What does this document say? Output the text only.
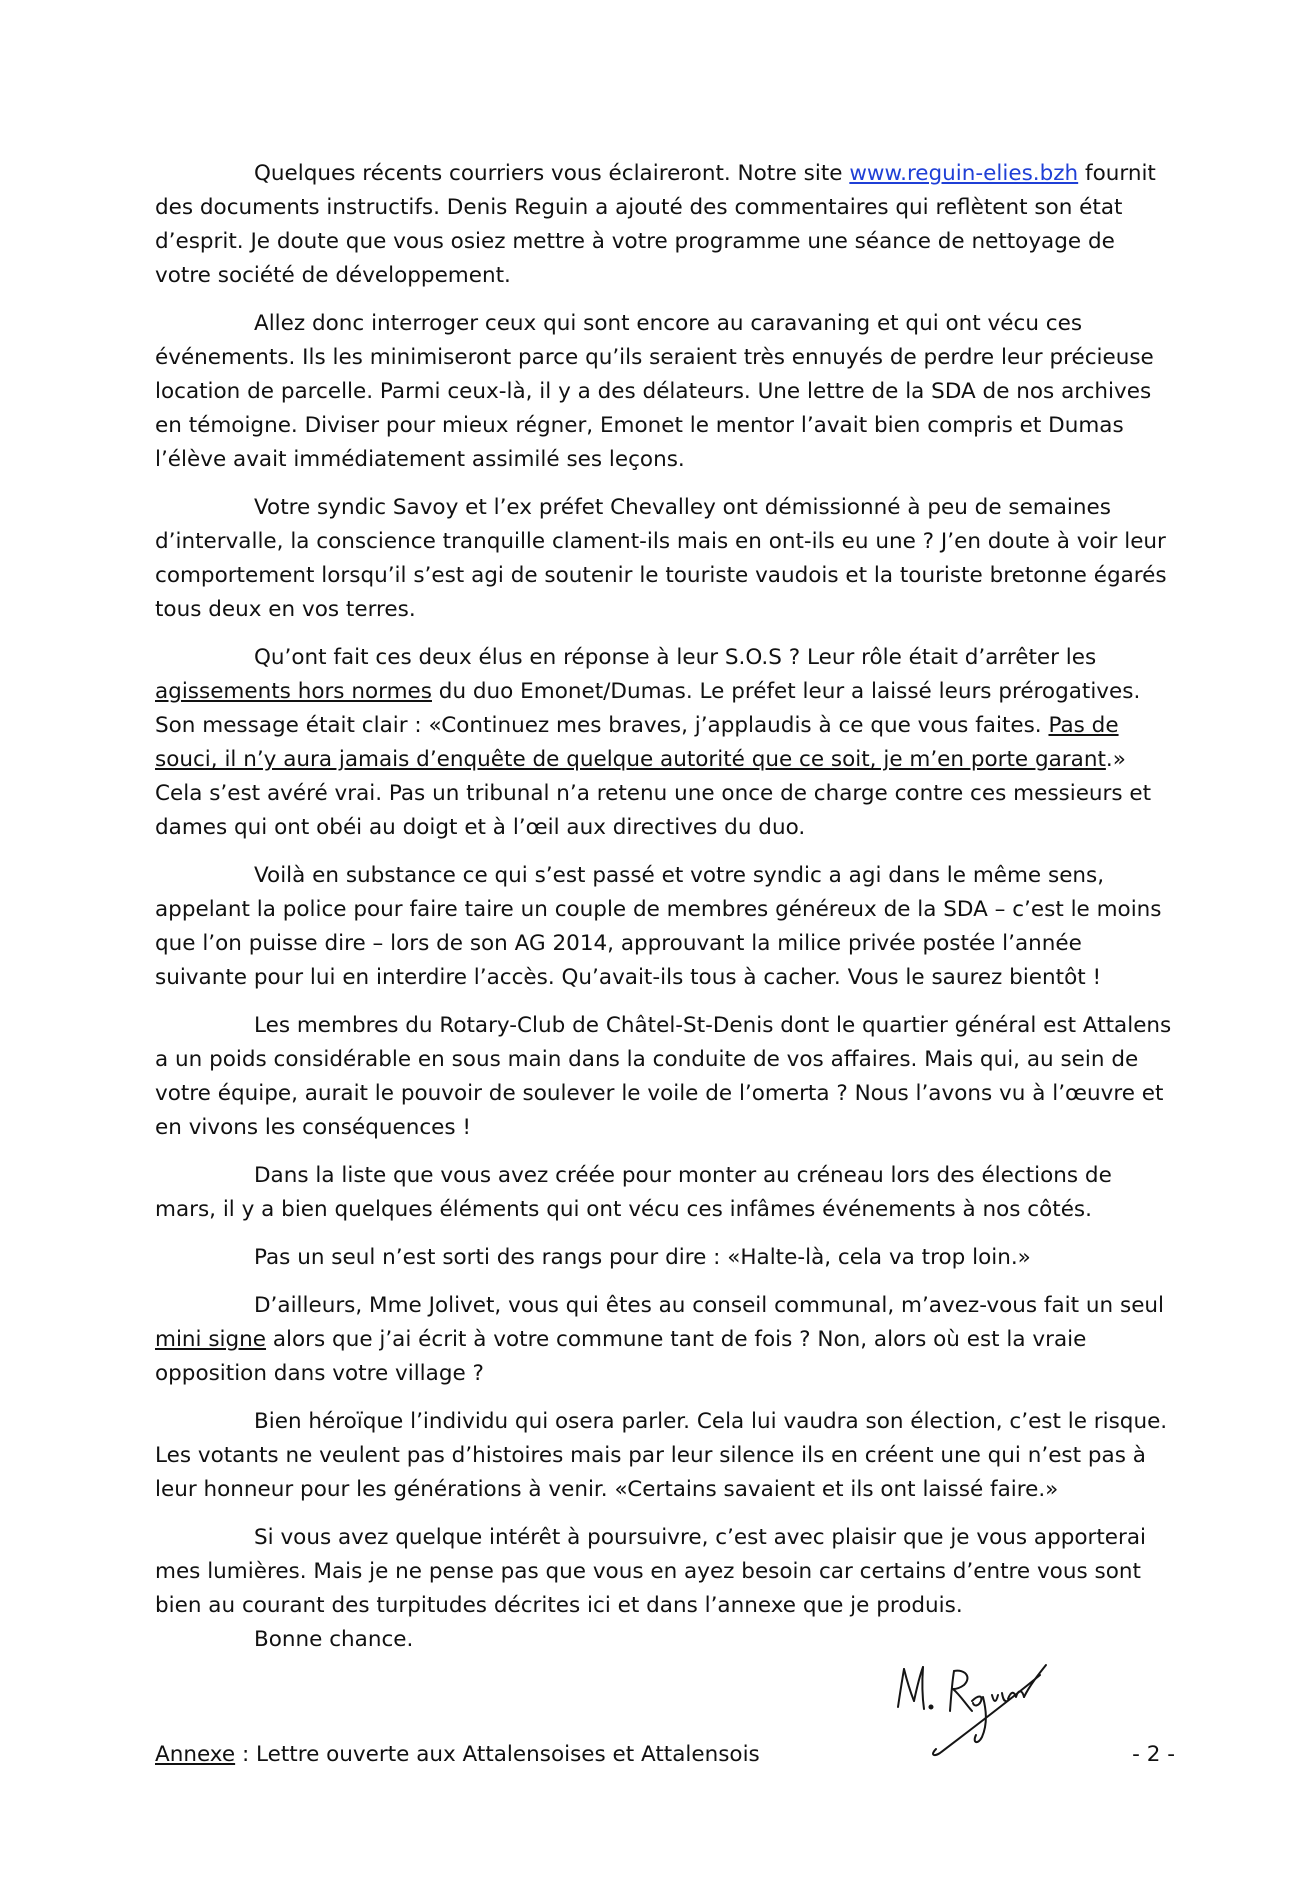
Quelques récents courriers vous éclaireront. Notre site www.reguin-elies.bzh fournit des documents instructifs. Denis Reguin a ajouté des commentaires qui reflètent son état d’esprit. Je doute que vous osiez mettre à votre programme une séance de nettoyage de votre société de développement.

Allez donc interroger ceux qui sont encore au caravaning et qui ont vécu ces événements. Ils les minimiseront parce qu’ils seraient très ennuyés de perdre leur précieuse location de parcelle. Parmi ceux-là, il y a des délateurs. Une lettre de la SDA de nos archives en témoigne. Diviser pour mieux régner, Emonet le mentor l’avait bien compris et Dumas l’élève avait immédiatement assimilé ses leçons.

Votre syndic Savoy et l’ex préfet Chevalley ont démissionné à peu de semaines d’intervalle, la conscience tranquille clament-ils mais en ont-ils eu une ? J’en doute à voir leur comportement lorsqu’il s’est agi de soutenir le touriste vaudois et la touriste bretonne égarés tous deux en vos terres.

Qu’ont fait ces deux élus en réponse à leur S.O.S ? Leur rôle était d’arrêter les agissements hors normes du duo Emonet/Dumas. Le préfet leur a laissé leurs prérogatives. Son message était clair : «Continuez mes braves, j’applaudis à ce que vous faites. Pas de souci, il n’y aura jamais d’enquête de quelque autorité que ce soit, je m’en porte garant.» Cela s’est avéré vrai. Pas un tribunal n’a retenu une once de charge contre ces messieurs et dames qui ont obéi au doigt et à l’œil aux directives du duo.

Voilà en substance ce qui s’est passé et votre syndic a agi dans le même sens, appelant la police pour faire taire un couple de membres généreux de la SDA – c’est le moins que l’on puisse dire – lors de son AG 2014, approuvant la milice privée postée l’année suivante pour lui en interdire l’accès. Qu’avait-ils tous à cacher. Vous le saurez bientôt !

Les membres du Rotary-Club de Châtel-St-Denis dont le quartier général est Attalens a un poids considérable en sous main dans la conduite de vos affaires. Mais qui, au sein de votre équipe, aurait le pouvoir de soulever le voile de l’omerta ? Nous l’avons vu à l’œuvre et en vivons les conséquences !

Dans la liste que vous avez créée pour monter au créneau lors des élections de mars, il y a bien quelques éléments qui ont vécu ces infâmes événements à nos côtés.

Pas un seul n’est sorti des rangs pour dire : «Halte-là, cela va trop loin.»

D’ailleurs, Mme Jolivet, vous qui êtes au conseil communal, m’avez-vous fait un seul mini signe alors que j’ai écrit à votre commune tant de fois ? Non, alors où est la vraie opposition dans votre village ?

Bien héroïque l’individu qui osera parler. Cela lui vaudra son élection, c’est le risque. Les votants ne veulent pas d’histoires mais par leur silence ils en créent une qui n’est pas à leur honneur pour les générations à venir. «Certains savaient et ils ont laissé faire.»

Si vous avez quelque intérêt à poursuivre, c’est avec plaisir que je vous apporterai mes lumières. Mais je ne pense pas que vous en ayez besoin car certains d’entre vous sont bien au courant des turpitudes décrites ici et dans l’annexe que je produis.

Bonne chance.

Annexe : Lettre ouverte aux Attalensoises et Attalensois	- 2 -
